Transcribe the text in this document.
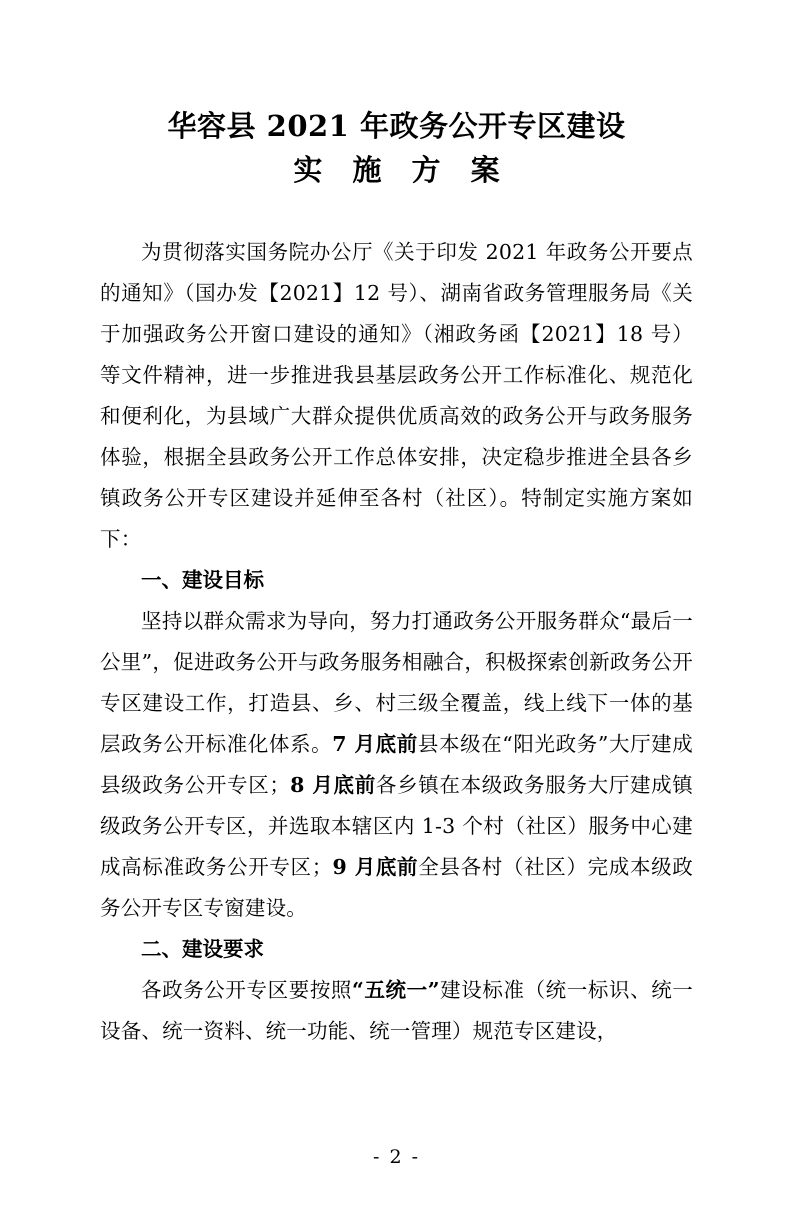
华容县 2021 年政务公开专区建设
实 施 方 案

为贯彻落实国务院办公厅《关于印发 2021 年政务公开要点的通知》（国办发【2021】12 号）、湖南省政务管理服务局《关于加强政务公开窗口建设的通知》（湘政务函【2021】18 号）等文件精神，进一步推进我县基层政务公开工作标准化、规范化和便利化，为县域广大群众提供优质高效的政务公开与政务服务体验，根据全县政务公开工作总体安排，决定稳步推进全县各乡镇政务公开专区建设并延伸至各村（社区）。特制定实施方案如下：

一、建设目标

坚持以群众需求为导向，努力打通政务公开服务群众“最后一公里”，促进政务公开与政务服务相融合，积极探索创新政务公开专区建设工作，打造县、乡、村三级全覆盖，线上线下一体的基层政务公开标准化体系。7 月底前县本级在“阳光政务”大厅建成县级政务公开专区；8 月底前各乡镇在本级政务服务大厅建成镇级政务公开专区，并选取本辖区内 1-3 个村（社区）服务中心建成高标准政务公开专区；9 月底前全县各村（社区）完成本级政务公开专区专窗建设。

二、建设要求

各政务公开专区要按照“五统一”建设标准（统一标识、统一设备、统一资料、统一功能、统一管理）规范专区建设，

- 2 -
